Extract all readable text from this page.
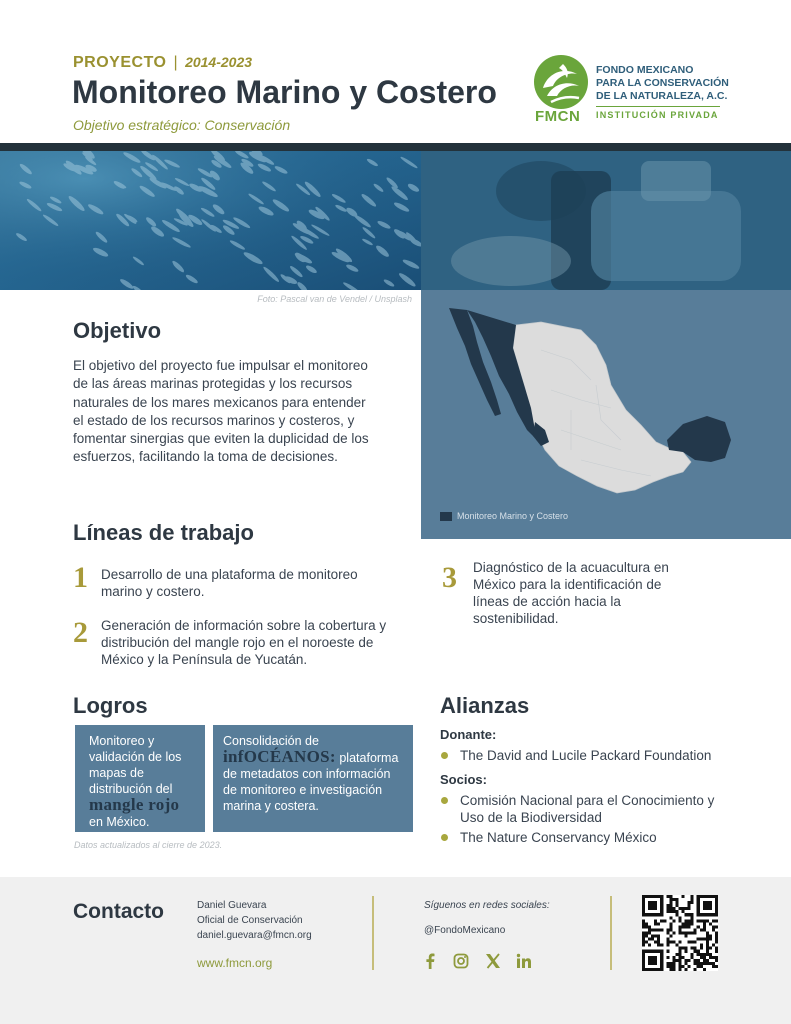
PROYECTO | 2014-2023
Monitoreo Marino y Costero
Objetivo estratégico: Conservación	FMCN
FONDO MEXICANO
PARA LA CONSERVACIÓN
DE LA NATURALEZA, A.C.
INSTITUCIÓN PRIVADA
Foto: Pascal van de Vendel / Unsplash
Monitoreo Marino y Costero
Objetivo
El objetivo del proyecto fue impulsar el monitoreo de las áreas marinas protegidas y los recursos naturales de los mares mexicanos para entender el estado de los recursos marinos y costeros, y fomentar sinergias que eviten la duplicidad de los esfuerzos, facilitando la toma de decisiones.
Líneas de trabajo
1 Desarrollo de una plataforma de monitoreo marino y costero.
2 Generación de información sobre la cobertura y distribución del mangle rojo en el noroeste de México y la Península de Yucatán.
3 Diagnóstico de la acuacultura en México para la identificación de líneas de acción hacia la sostenibilidad.
Logros
Monitoreo y validación de los mapas de distribución del mangle rojo en México.
Consolidación de
infOCÉANOS: plataforma de metadatos con información de monitoreo e investigación marina y costera.
Datos actualizados al cierre de 2023.
Alianzas
Donante:
The David and Lucile Packard Foundation
Socios:
Comisión Nacional para el Conocimiento y Uso de la Biodiversidad
The Nature Conservancy México
Contacto	Daniel Guevara
Oficial de Conservación
daniel.guevara@fmcn.org
www.fmcn.org
Síguenos en redes sociales:
@FondoMexicano
